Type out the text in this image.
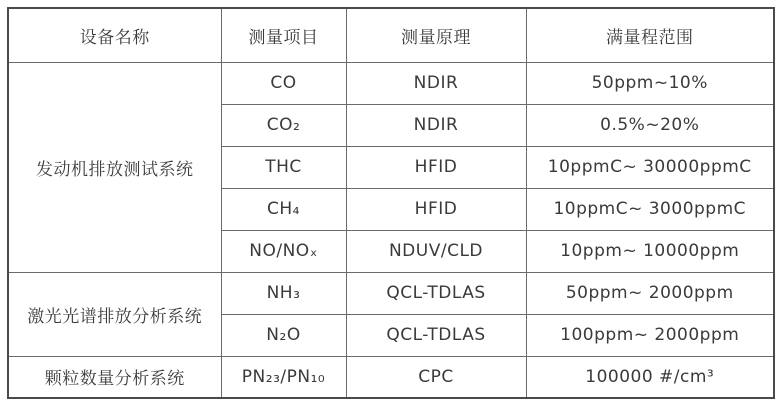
设备名称	测量项目	测量原理	满量程范围
发动机排放测试系统	CO	NDIR	50ppm~10%
	CO₂	NDIR	0.5%~20%
	THC	HFID	10ppmC~ 30000ppmC
	CH₄	HFID	10ppmC~ 3000ppmC
	NO/NOₓ	NDUV/CLD	10ppm~ 10000ppm
激光光谱排放分析系统	NH₃	QCL-TDLAS	50ppm~ 2000ppm
	N₂O	QCL-TDLAS	100ppm~ 2000ppm
颗粒数量分析系统	PN₂₃/PN₁₀	CPC	100000 #/cm³
